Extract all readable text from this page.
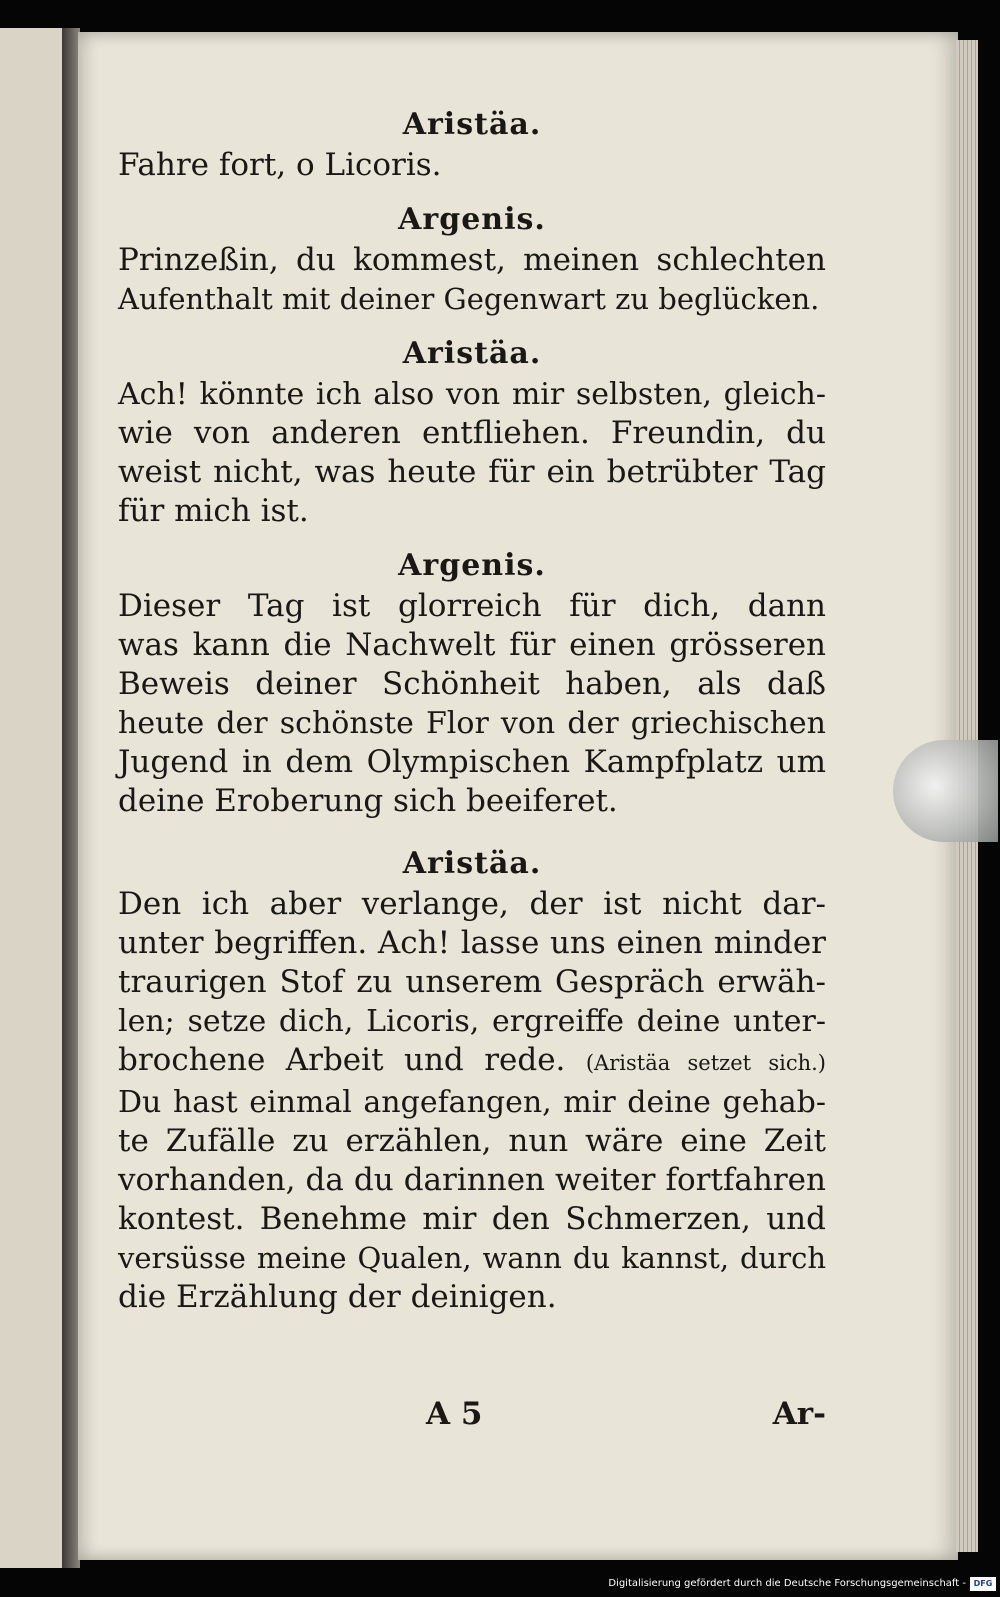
Aristäa.

Fahre fort, o Licoris.

Argenis.

Prinzeßin, du kommest, meinen schlechten

Aufenthalt mit deiner Gegenwart zu beglücken.

Aristäa.

Ach! könnte ich also von mir selbsten, gleich-

wie von anderen entfliehen. Freundin, du

weist nicht, was heute für ein betrübter Tag

für mich ist.

Argenis.

Dieser Tag ist glorreich für dich, dann

was kann die Nachwelt für einen grösseren

Beweis deiner Schönheit haben, als daß

heute der schönste Flor von der griechischen

Jugend in dem Olympischen Kampfplatz um

deine Eroberung sich beeiferet.

Aristäa.

Den ich aber verlange, der ist nicht dar-

unter begriffen. Ach! lasse uns einen minder

traurigen Stof zu unserem Gespräch erwäh-

len; setze dich, Licoris, ergreiffe deine unter-

brochene Arbeit und rede. (Aristäa setzet sich.)

Du hast einmal angefangen, mir deine gehab-

te Zufälle zu erzählen, nun wäre eine Zeit

vorhanden, da du darinnen weiter fortfahren

kontest. Benehme mir den Schmerzen, und

versüsse meine Qualen, wann du kannst, durch

die Erzählung der deinigen.

A 5	Ar-
Digitalisierung gefördert durch die Deutsche Forschungsgemeinschaft - DFG
